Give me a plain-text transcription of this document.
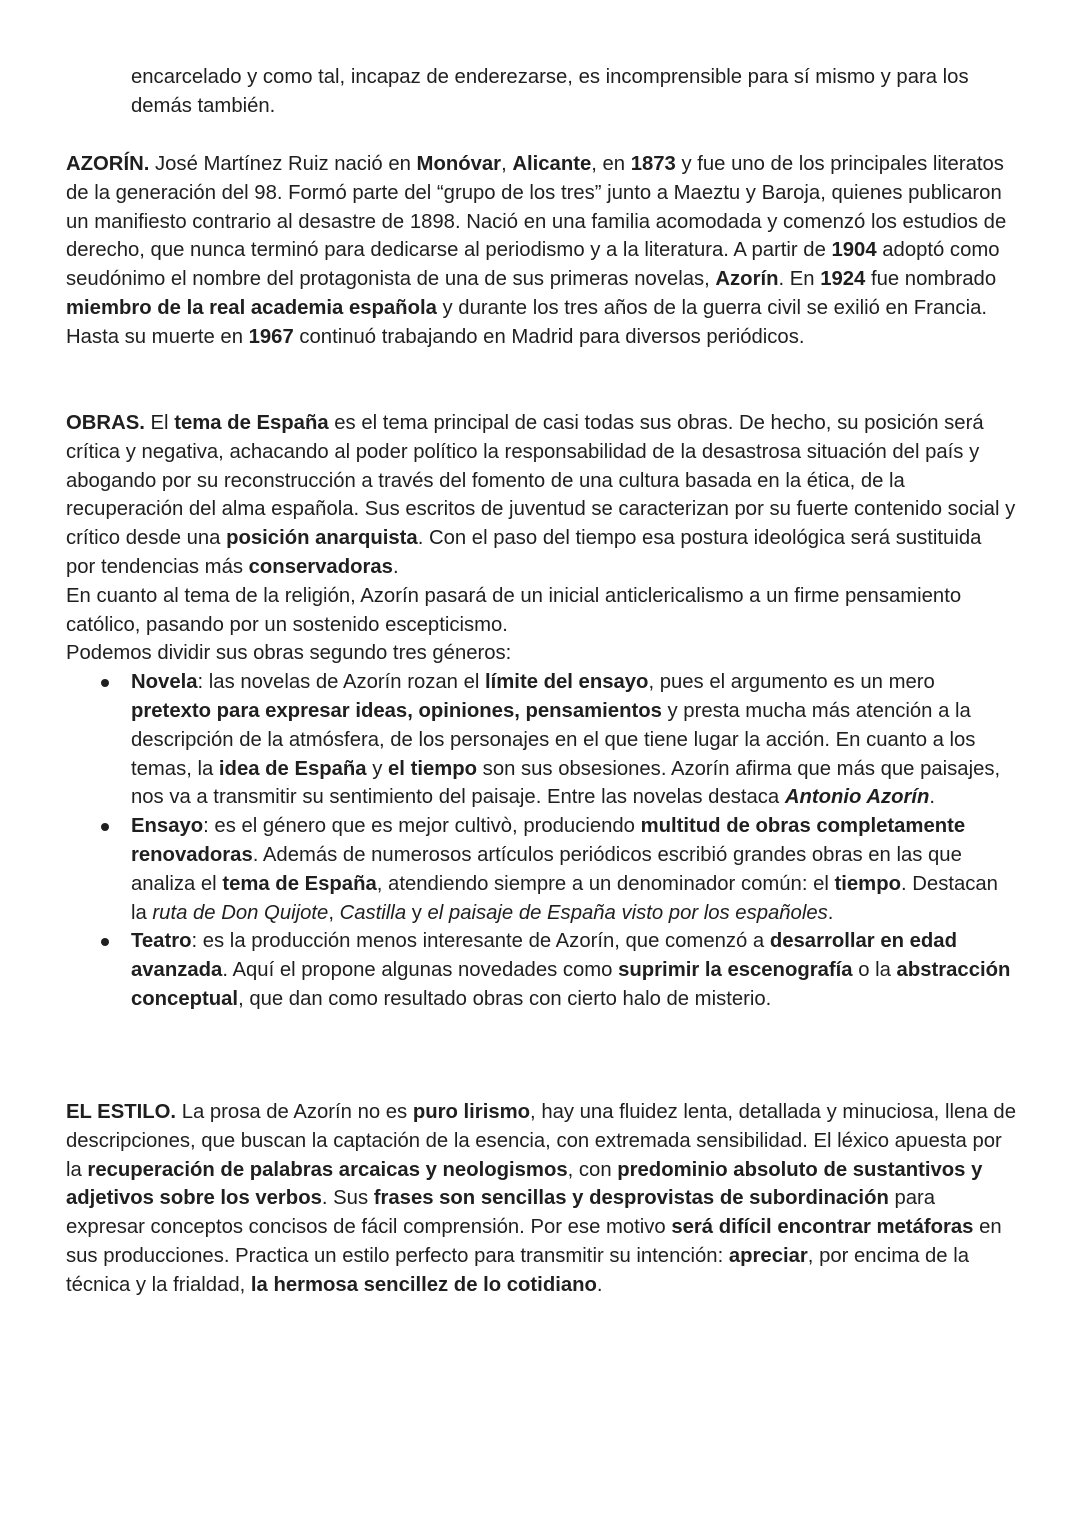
encarcelado y como tal, incapaz de enderezarse, es incomprensible para sí mismo y para los demás también.

AZORÍN. José Martínez Ruiz nació en Monóvar, Alicante, en 1873 y fue uno de los principales literatos de la generación del 98. Formó parte del “grupo de los tres” junto a Maeztu y Baroja, quienes publicaron un manifiesto contrario al desastre de 1898. Nació en una familia acomodada y comenzó los estudios de derecho, que nunca terminó para dedicarse al periodismo y a la literatura. A partir de 1904 adoptó como seudónimo el nombre del protagonista de una de sus primeras novelas, Azorín. En 1924 fue nombrado miembro de la real academia española y durante los tres años de la guerra civil se exilió en Francia. Hasta su muerte en 1967 continuó trabajando en Madrid para diversos periódicos.

OBRAS. El tema de España es el tema principal de casi todas sus obras. De hecho, su posición será crítica y negativa, achacando al poder político la responsabilidad de la desastrosa situación del país y abogando por su reconstrucción a través del fomento de una cultura basada en la ética, de la recuperación del alma española. Sus escritos de juventud se caracterizan por su fuerte contenido social y crítico desde una posición anarquista. Con el paso del tiempo esa postura ideológica será sustituida por tendencias más conservadoras.

En cuanto al tema de la religión, Azorín pasará de un inicial anticlericalismo a un firme pensamiento católico, pasando por un sostenido escepticismo.

Podemos dividir sus obras segundo tres géneros:

Novela: las novelas de Azorín rozan el límite del ensayo, pues el argumento es un mero pretexto para expresar ideas, opiniones, pensamientos y presta mucha más atención a la descripción de la atmósfera, de los personajes en el que tiene lugar la acción. En cuanto a los temas, la idea de España y el tiempo son sus obsesiones. Azorín afirma que más que paisajes, nos va a transmitir su sentimiento del paisaje. Entre las novelas destaca Antonio Azorín.
Ensayo: es el género que es mejor cultivò, produciendo multitud de obras completamente renovadoras. Además de numerosos artículos periódicos escribió grandes obras en las que analiza el tema de España, atendiendo siempre a un denominador común: el tiempo. Destacan la ruta de Don Quijote, Castilla y el paisaje de España visto por los españoles.
Teatro: es la producción menos interesante de Azorín, que comenzó a desarrollar en edad avanzada. Aquí el propone algunas novedades como suprimir la escenografía o la abstracción conceptual, que dan como resultado obras con cierto halo de misterio.

EL ESTILO. La prosa de Azorín no es puro lirismo, hay una fluidez lenta, detallada y minuciosa, llena de descripciones, que buscan la captación de la esencia, con extremada sensibilidad. El léxico apuesta por la recuperación de palabras arcaicas y neologismos, con predominio absoluto de sustantivos y adjetivos sobre los verbos. Sus frases son sencillas y desprovistas de subordinación para expresar conceptos concisos de fácil comprensión. Por ese motivo será difícil encontrar metáforas en sus producciones. Practica un estilo perfecto para transmitir su intención: apreciar, por encima de la técnica y la frialdad, la hermosa sencillez de lo cotidiano.
